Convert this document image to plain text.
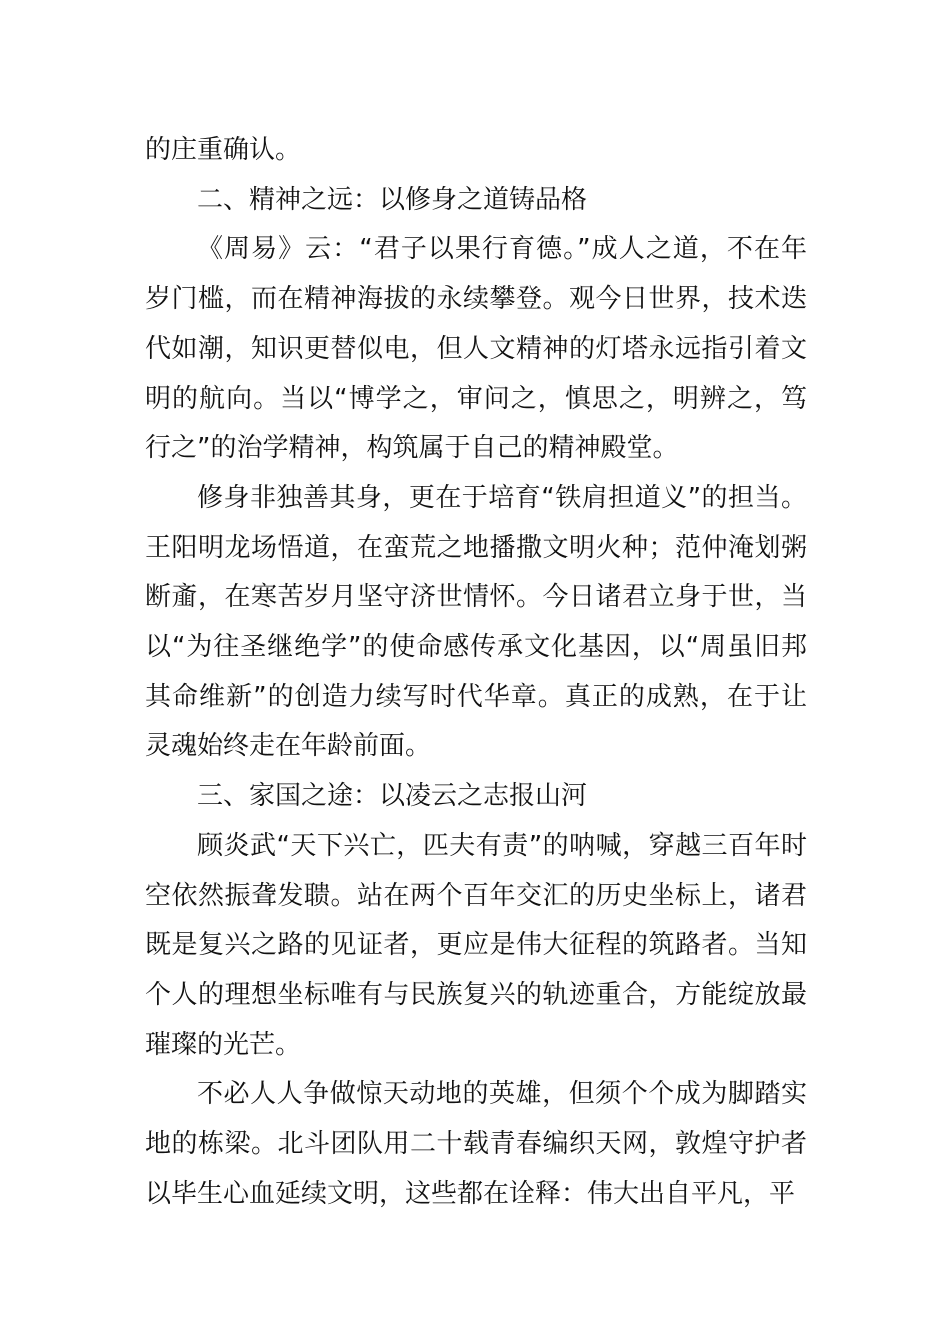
的庄重确认。

二、精神之远：以修身之道铸品格

《周易》云：“君子以果行育德。”成人之道，不在年岁门槛，而在精神海拔的永续攀登。观今日世界，技术迭代如潮，知识更替似电，但人文精神的灯塔永远指引着文明的航向。当以“博学之，审问之，慎思之，明辨之，笃行之”的治学精神，构筑属于自己的精神殿堂。

修身非独善其身，更在于培育“铁肩担道义”的担当。王阳明龙场悟道，在蛮荒之地播撒文明火种；范仲淹划粥断齑，在寒苦岁月坚守济世情怀。今日诸君立身于世，当以“为往圣继绝学”的使命感传承文化基因，以“周虽旧邦其命维新”的创造力续写时代华章。真正的成熟，在于让灵魂始终走在年龄前面。

三、家国之途：以凌云之志报山河

顾炎武“天下兴亡，匹夫有责”的呐喊，穿越三百年时空依然振聋发聩。站在两个百年交汇的历史坐标上，诸君既是复兴之路的见证者，更应是伟大征程的筑路者。当知个人的理想坐标唯有与民族复兴的轨迹重合，方能绽放最璀璨的光芒。

不必人人争做惊天动地的英雄，但须个个成为脚踏实地的栋梁。北斗团队用二十载青春编织天网，敦煌守护者以毕生心血延续文明，这些都在诠释：伟大出自平凡，平
